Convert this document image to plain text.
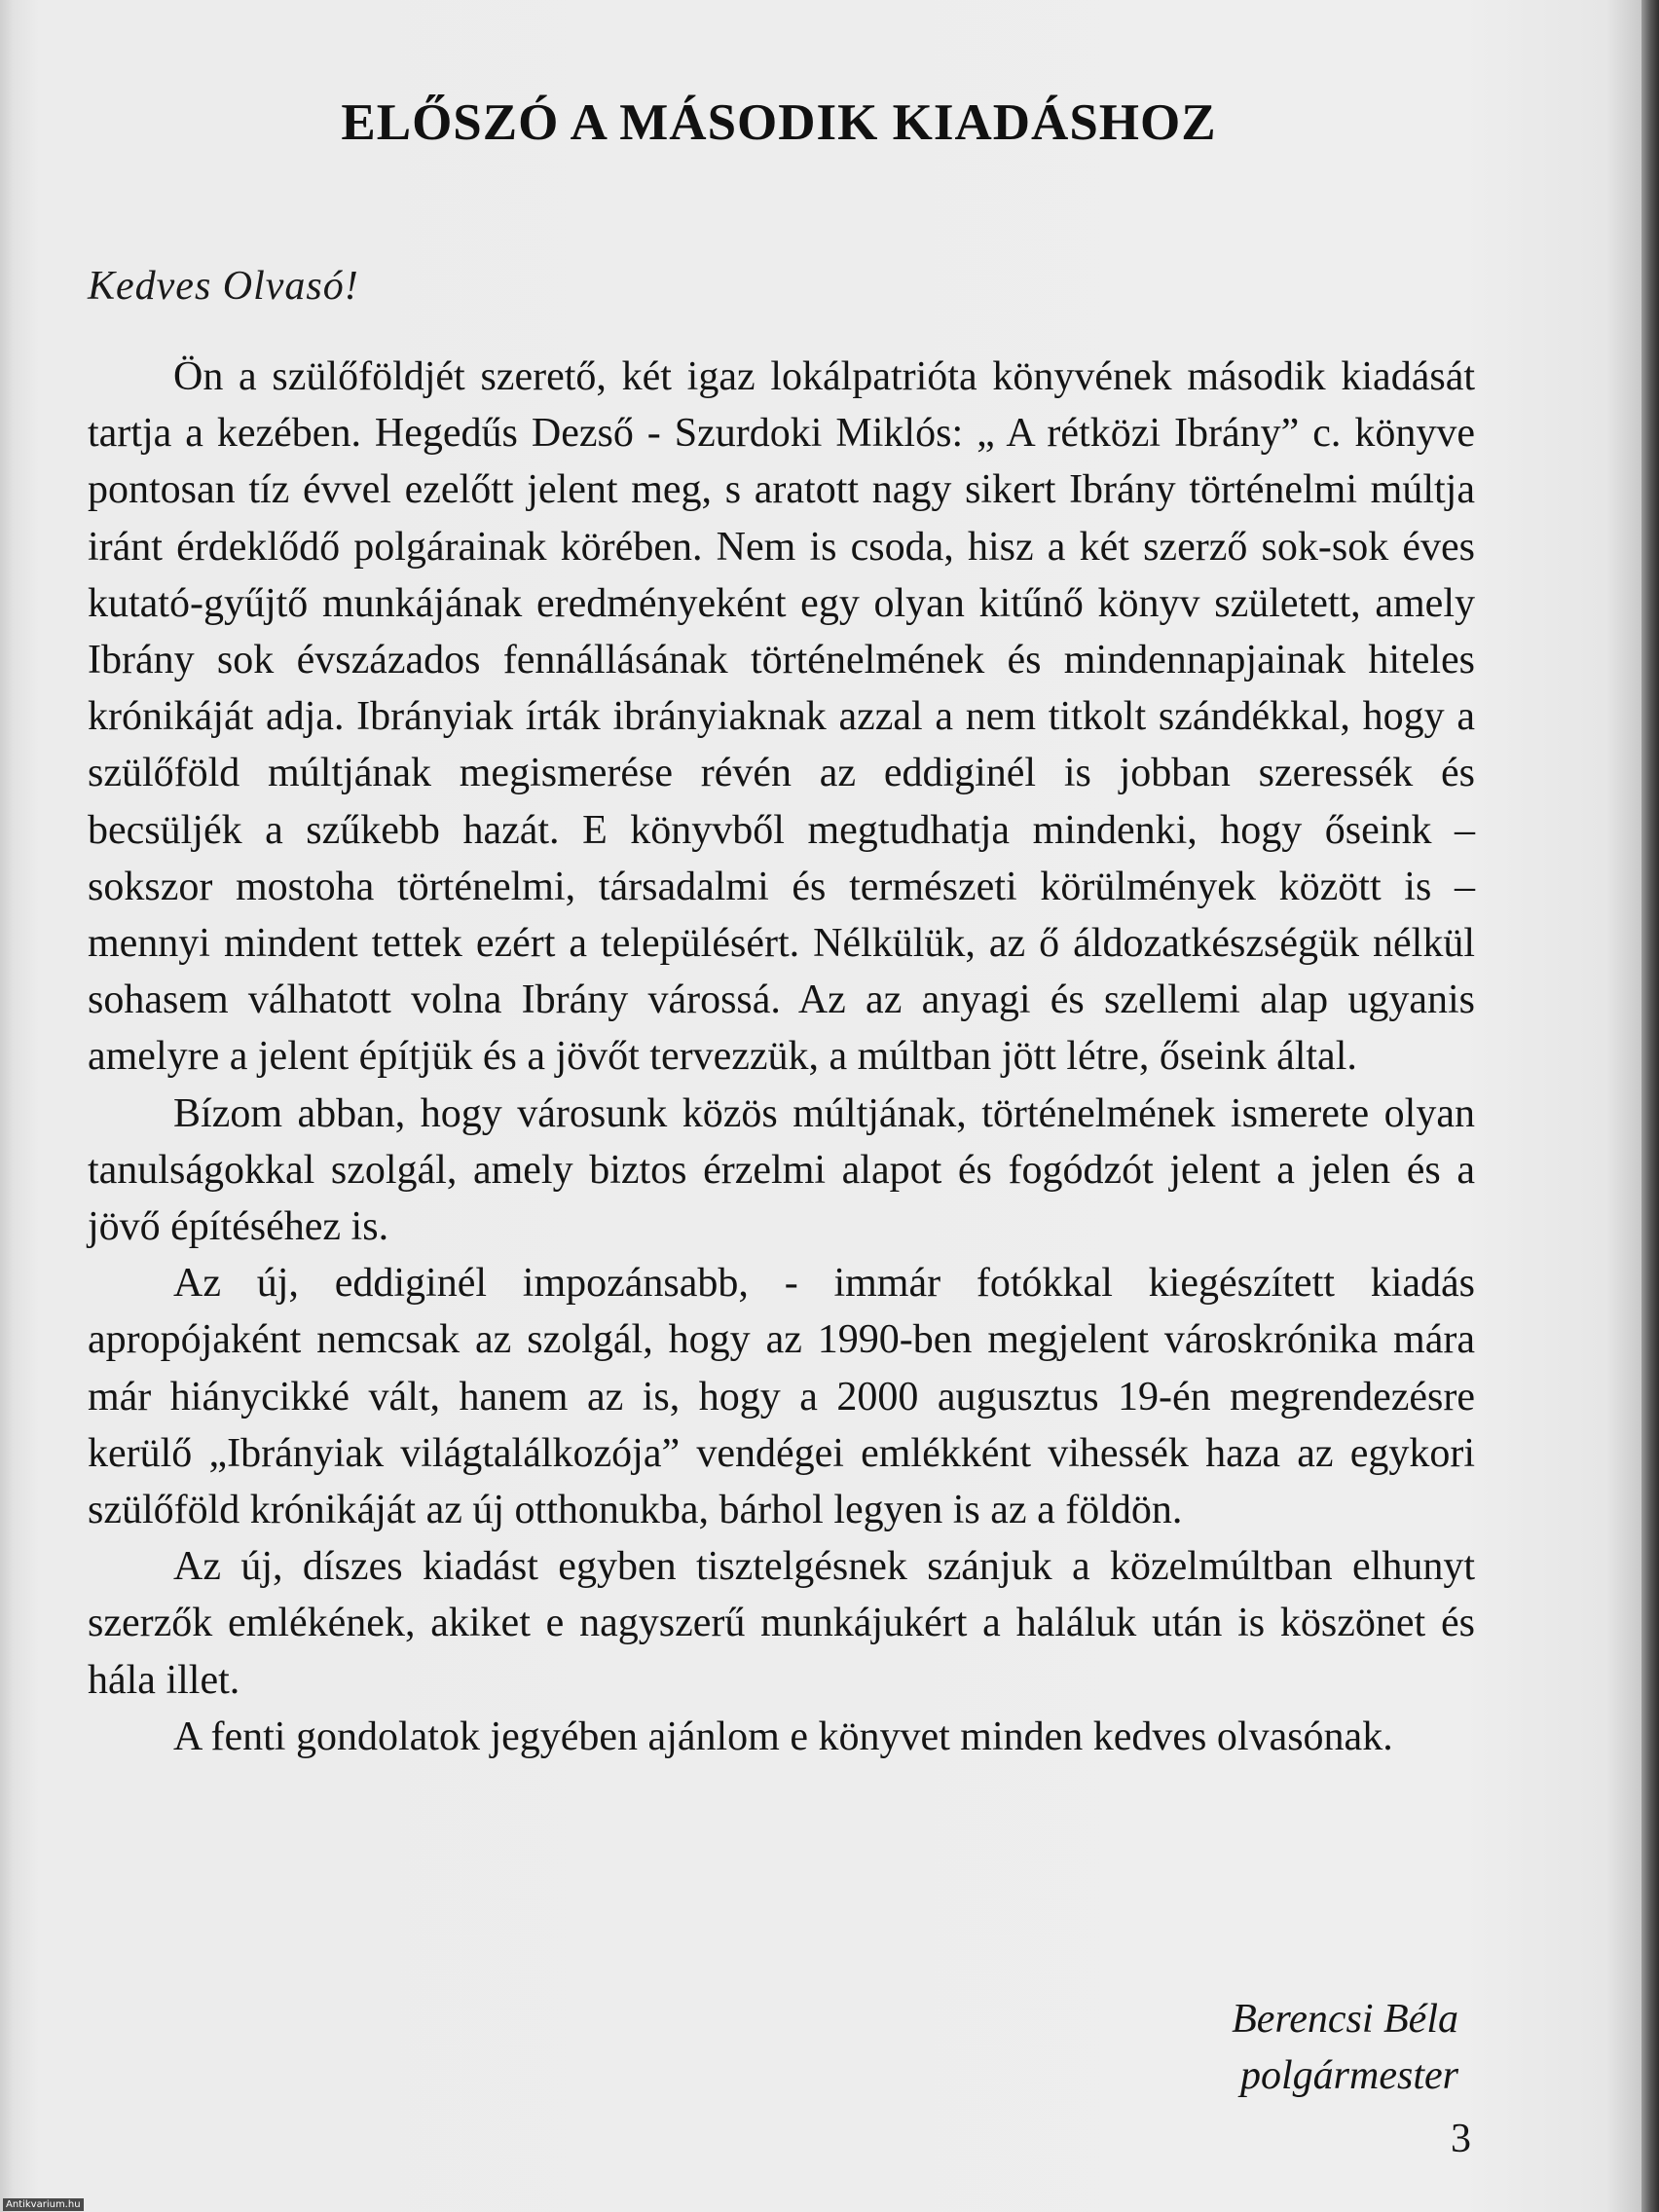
ELŐSZÓ A MÁSODIK KIADÁSHOZ
Kedves Olvasó!

Ön a szülőföldjét szerető, két igaz lokálpatrióta könyvének második kiadását tartja a kezében. Hegedűs Dezső - Szurdoki Miklós: „ A rétközi Ibrány” c. könyve pontosan tíz évvel ezelőtt jelent meg, s aratott nagy sikert Ibrány történelmi múltja iránt érdeklődő polgárainak körében. Nem is csoda, hisz a két szerző sok-sok éves kutató-gyűjtő munkájának eredményeként egy olyan kitűnő könyv született, amely Ibrány sok évszázados fennállásának történelmének és mindennapjainak hiteles krónikáját adja. Ibrányiak írták ibrányiaknak azzal a nem titkolt szándékkal, hogy a szülőföld múltjának megismerése révén az eddiginél is jobban szeressék és becsüljék a szűkebb hazát. E könyvből megtudhatja mindenki, hogy őseink – sokszor mostoha történelmi, társadalmi és természeti körülmények között is – mennyi mindent tettek ezért a településért. Nélkülük, az ő áldozatkészségük nélkül sohasem válhatott volna Ibrány várossá. Az az anyagi és szellemi alap ugyanis amelyre a jelent építjük és a jövőt tervezzük, a múltban jött létre, őseink által.

Bízom abban, hogy városunk közös múltjának, történelmének ismerete olyan tanulságokkal szolgál, amely biztos érzelmi alapot és fogódzót jelent a jelen és a jövő építéséhez is.

Az új, eddiginél impozánsabb, - immár fotókkal kiegészített kiadás apropójaként nemcsak az szolgál, hogy az 1990-ben megjelent városkrónika mára már hiánycikké vált, hanem az is, hogy a 2000 augusztus 19-én megrendezésre kerülő „Ibrányiak világtalálkozója” vendégei emlékként vihessék haza az egykori szülőföld krónikáját az új otthonukba, bárhol legyen is az a földön.

Az új, díszes kiadást egyben tisztelgésnek szánjuk a közelmúltban elhunyt szerzők emlékének, akiket e nagyszerű munkájukért a haláluk után is köszönet és hála illet.

A fenti gondolatok jegyében ajánlom e könyvet minden kedves olvasónak.

Berencsi Béla
polgármester
3
Antikvarium.hu
